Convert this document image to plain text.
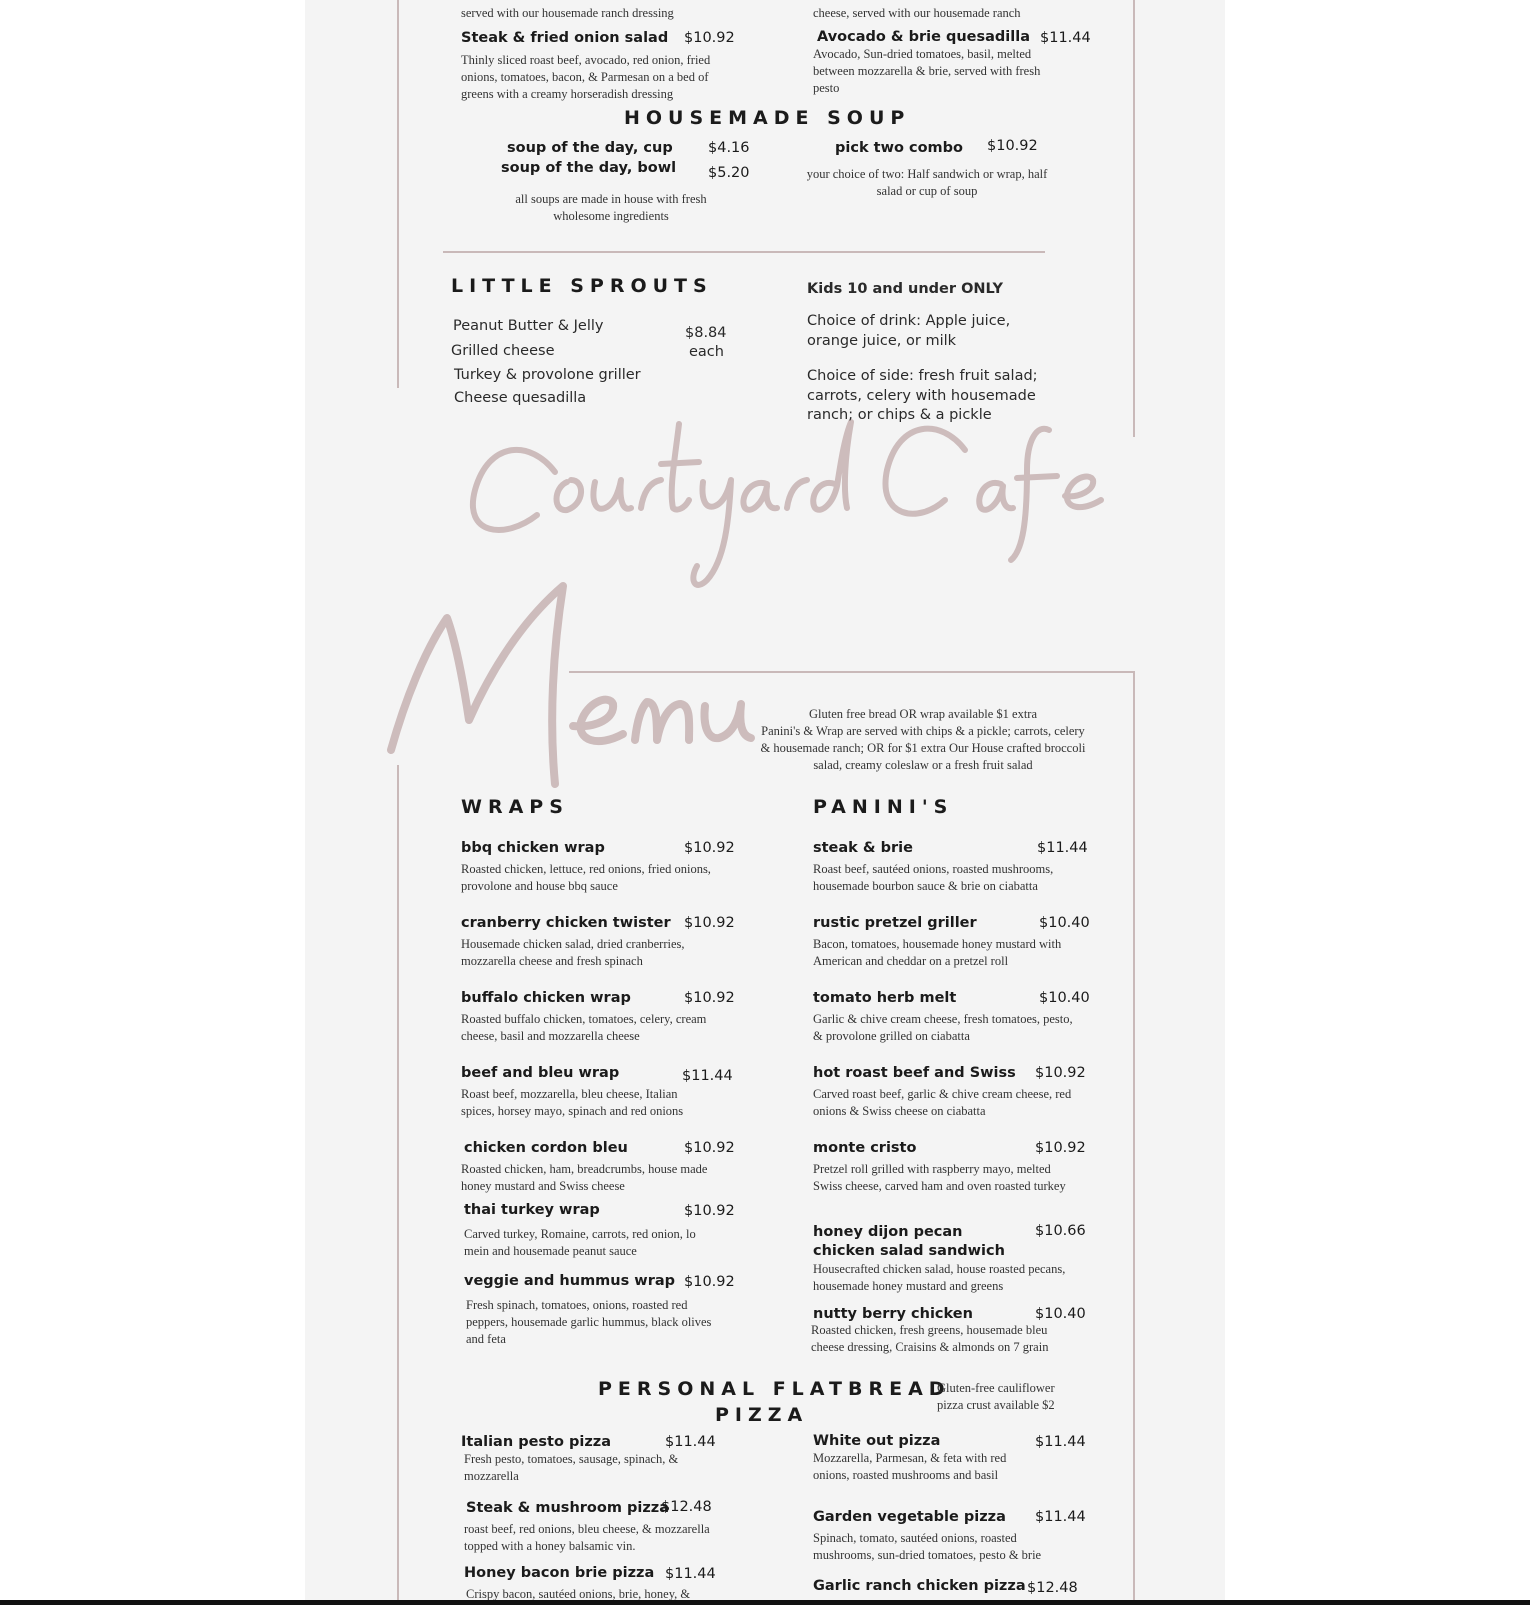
Courtyard Cafe
Menu
served with our housemade ranch dressing	cheese, served with our housemade ranch
Steak & fried onion salad $10.92
Thinly sliced roast beef, avocado, red onion, fried onions, tomatoes, bacon, & Parmesan on a bed of greens with a creamy horseradish dressing
Avocado & brie quesadilla $11.44
Avocado, Sun-dried tomatoes, basil, melted between mozzarella & brie, served with fresh pesto
HOUSEMADE SOUP
soup of the day, cup $4.16
soup of the day, bowl $5.20
all soups are made in house with fresh wholesome ingredients
pick two combo $10.92
your choice of two: Half sandwich or wrap, half salad or cup of soup
LITTLE SPROUTS
Peanut Butter & Jelly
Grilled cheese
Turkey & provolone griller
Cheese quesadilla
$8.84
each
Kids 10 and under ONLY
Choice of drink: Apple juice, orange juice, or milk
Choice of side: fresh fruit salad; carrots, celery with housemade ranch; or chips & a pickle
Gluten free bread OR wrap available $1 extra
Panini's & Wrap are served with chips & a pickle; carrots, celery & housemade ranch; OR for $1 extra Our House crafted broccoli salad, creamy coleslaw or a fresh fruit salad
WRAPS
bbq chicken wrap	$10.92
Roasted chicken, lettuce, red onions, fried onions, provolone and house bbq sauce
cranberry chicken twister $10.92
Housemade chicken salad, dried cranberries, mozzarella cheese and fresh spinach
buffalo chicken wrap	$10.92
Roasted buffalo chicken, tomatoes, celery, cream cheese, basil and mozzarella cheese
beef and bleu wrap	$11.44
Roast beef, mozzarella, bleu cheese, Italian spices, horsey mayo, spinach and red onions
chicken cordon bleu	$10.92
Roasted chicken, ham, breadcrumbs, house made honey mustard and Swiss cheese
thai turkey wrap	$10.92
Carved turkey, Romaine, carrots, red onion, lo mein and housemade peanut sauce
veggie and hummus wrap $10.92
Fresh spinach, tomatoes, onions, roasted red peppers, housemade garlic hummus, black olives and feta
PANINI'S
steak & brie	$11.44
Roast beef, sautéed onions, roasted mushrooms, housemade bourbon sauce & brie on ciabatta
rustic pretzel griller	$10.40
Bacon, tomatoes, housemade honey mustard with American and cheddar on a pretzel roll
tomato herb melt	$10.40
Garlic & chive cream cheese, fresh tomatoes, pesto, & provolone grilled on ciabatta
hot roast beef and Swiss $10.92
Carved roast beef, garlic & chive cream cheese, red onions & Swiss cheese on ciabatta
monte cristo	$10.92
Pretzel roll grilled with raspberry mayo, melted Swiss cheese, carved ham and oven roasted turkey
honey dijon pecan chicken salad sandwich
$10.66
Housecrafted chicken salad, house roasted pecans, housemade honey mustard and greens
nutty berry chicken	$10.40
Roasted chicken, fresh greens, housemade bleu cheese dressing, Craisins & almonds on 7 grain
PERSONAL FLATBREAD
PIZZA
Gluten-free cauliflower pizza crust available $2
Italian pesto pizza	$11.44
Fresh pesto, tomatoes, sausage, spinach, & mozzarella
Steak & mushroom pizza
$12.48
roast beef, red onions, bleu cheese, & mozzarella topped with a honey balsamic vin.
Honey bacon brie pizza $11.44
Crispy bacon, sautéed onions, brie, honey, &
White out pizza	$11.44
Mozzarella, Parmesan, & feta with red onions, roasted mushrooms and basil
Garden vegetable pizza $11.44
Spinach, tomato, sautéed onions, roasted mushrooms, sun-dried tomatoes, pesto & brie
Garlic ranch chicken pizza $12.48
